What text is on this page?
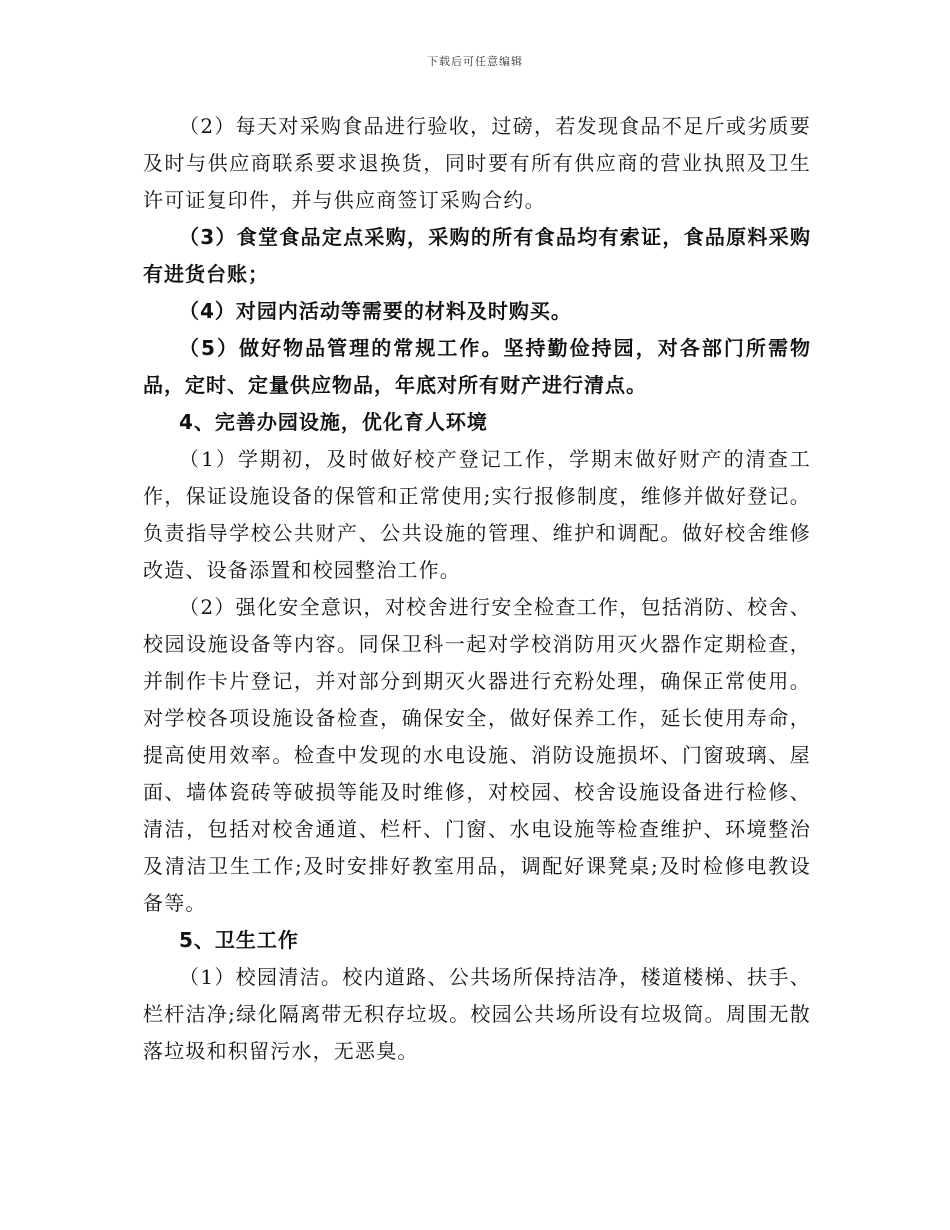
下载后可任意编辑

（2）每天对采购食品进行验收，过磅，若发现食品不足斤或劣质要及时与供应商联系要求退换货，同时要有所有供应商的营业执照及卫生许可证复印件，并与供应商签订采购合约。

（3）食堂食品定点采购，采购的所有食品均有索证，食品原料采购有进货台账；

（4）对园内活动等需要的材料及时购买。

（5）做好物品管理的常规工作。坚持勤俭持园，对各部门所需物品，定时、定量供应物品，年底对所有财产进行清点。

4、完善办园设施，优化育人环境

（1）学期初，及时做好校产登记工作，学期末做好财产的清查工作，保证设施设备的保管和正常使用;实行报修制度，维修并做好登记。负责指导学校公共财产、公共设施的管理、维护和调配。做好校舍维修改造、设备添置和校园整治工作。

（2）强化安全意识，对校舍进行安全检查工作，包括消防、校舍、校园设施设备等内容。同保卫科一起对学校消防用灭火器作定期检查，并制作卡片登记，并对部分到期灭火器进行充粉处理，确保正常使用。对学校各项设施设备检查，确保安全，做好保养工作，延长使用寿命，提高使用效率。检查中发现的水电设施、消防设施损坏、门窗玻璃、屋面、墙体瓷砖等破损等能及时维修，对校园、校舍设施设备进行检修、清洁，包括对校舍通道、栏杆、门窗、水电设施等检查维护、环境整治及清洁卫生工作;及时安排好教室用品，调配好课凳桌;及时检修电教设备等。

5、卫生工作

（1）校园清洁。校内道路、公共场所保持洁净，楼道楼梯、扶手、栏杆洁净;绿化隔离带无积存垃圾。校园公共场所设有垃圾筒。周围无散落垃圾和积留污水，无恶臭。
